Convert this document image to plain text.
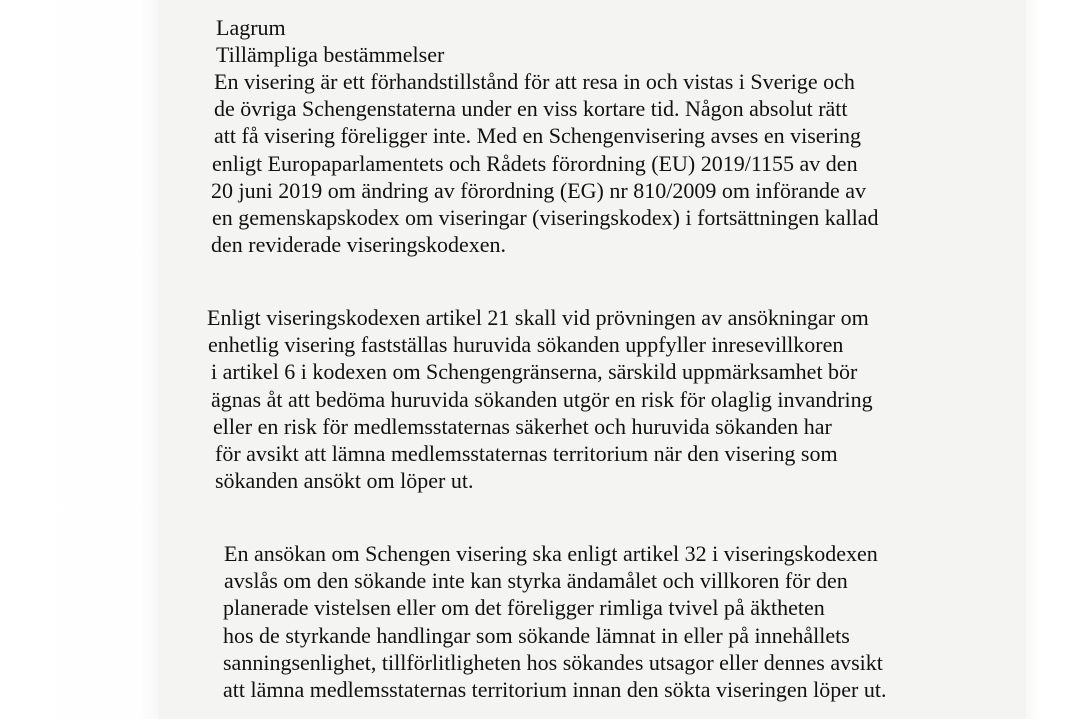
Lagrum
Tillämpliga bestämmelser
En visering är ett förhandstillstånd för att resa in och vistas i Sverige och
de övriga Schengenstaterna under en viss kortare tid. Någon absolut rätt
att få visering föreligger inte. Med en Schengenvisering avses en visering
enligt Europaparlamentets och Rådets förordning (EU) 2019/1155 av den
20 juni 2019 om ändring av förordning (EG) nr 810/2009 om införande av
en gemenskapskodex om viseringar (viseringskodex) i fortsättningen kallad
den reviderade viseringskodexen.
Enligt viseringskodexen artikel 21 skall vid prövningen av ansökningar om
enhetlig visering fastställas huruvida sökanden uppfyller inresevillkoren
i artikel 6 i kodexen om Schengengränserna, särskild uppmärksamhet bör
ägnas åt att bedöma huruvida sökanden utgör en risk för olaglig invandring
eller en risk för medlemsstaternas säkerhet och huruvida sökanden har
för avsikt att lämna medlemsstaternas territorium när den visering som
sökanden ansökt om löper ut.
En ansökan om Schengen visering ska enligt artikel 32 i viseringskodexen
avslås om den sökande inte kan styrka ändamålet och villkoren för den
planerade vistelsen eller om det föreligger rimliga tvivel på äktheten
hos de styrkande handlingar som sökande lämnat in eller på innehållets
sanningsenlighet, tillförlitligheten hos sökandes utsagor eller dennes avsikt
att lämna medlemsstaternas territorium innan den sökta viseringen löper ut.
